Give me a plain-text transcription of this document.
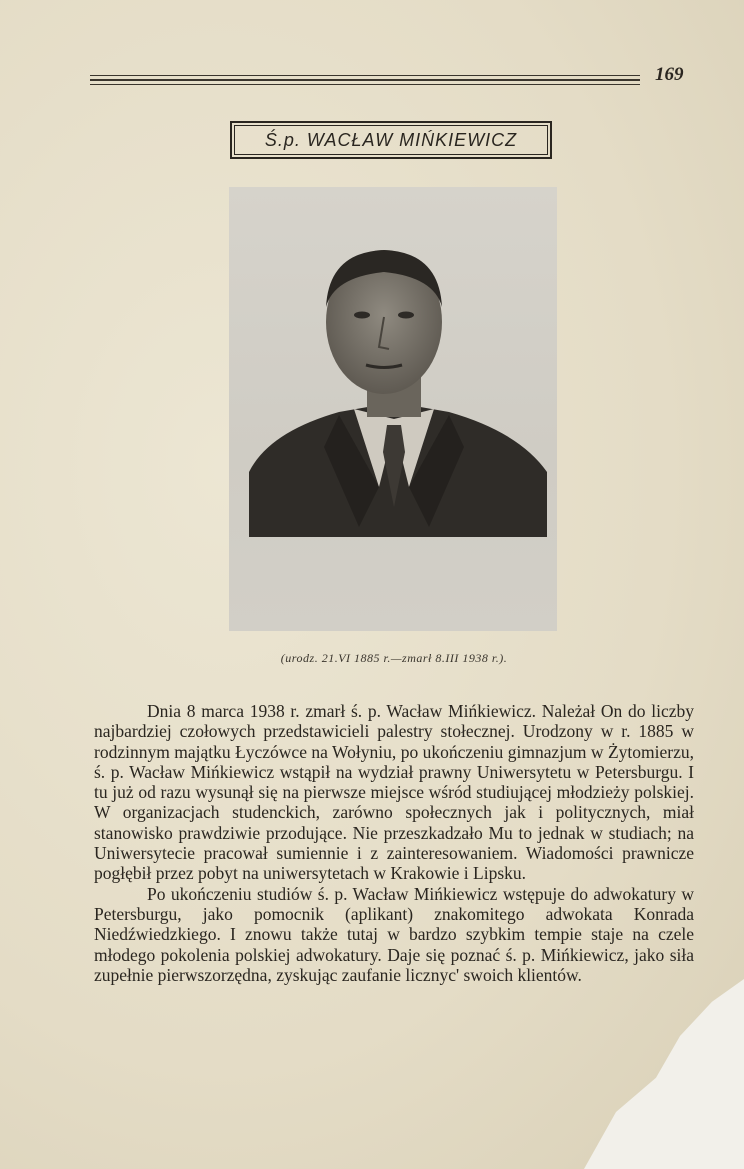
169
Ś.p. WACŁAW MIŃKIEWICZ
(urodz. 21.VI 1885 r.—zmarł 8.III 1938 r.).

Dnia 8 marca 1938 r. zmarł ś. p. Wacław Mińkiewicz. Należał On do liczby najbardziej czołowych przedstawicieli palestry stołecznej. Urodzony w r. 1885 w rodzinnym majątku Łyczówce na Wołyniu, po ukończeniu gimnazjum w Żytomierzu, ś. p. Wacław Mińkiewicz wstąpił na wydział prawny Uniwersytetu w Petersburgu. I tu już od razu wysunął się na pierwsze miejsce wśród studiującej młodzieży polskiej. W organizacjach studenckich, zarówno społecznych jak i politycznych, miał stanowisko prawdziwie przodujące. Nie przeszkadzało Mu to jednak w studiach; na Uniwersytecie pracował sumiennie i z zainteresowaniem. Wiadomości prawnicze pogłębił przez pobyt na uniwersytetach w Krakowie i Lipsku.

Po ukończeniu studiów ś. p. Wacław Mińkiewicz wstępuje do adwokatury w Petersburgu, jako pomocnik (aplikant) znakomitego adwokata Konrada Niedźwiedzkiego. I znowu także tutaj w bardzo szybkim tempie staje na czele młodego pokolenia polskiej adwokatury. Daje się poznać ś. p. Mińkiewicz, jako siła zupełnie pierwszorzędna, zyskując zaufanie licznyc' swoich klientów.
